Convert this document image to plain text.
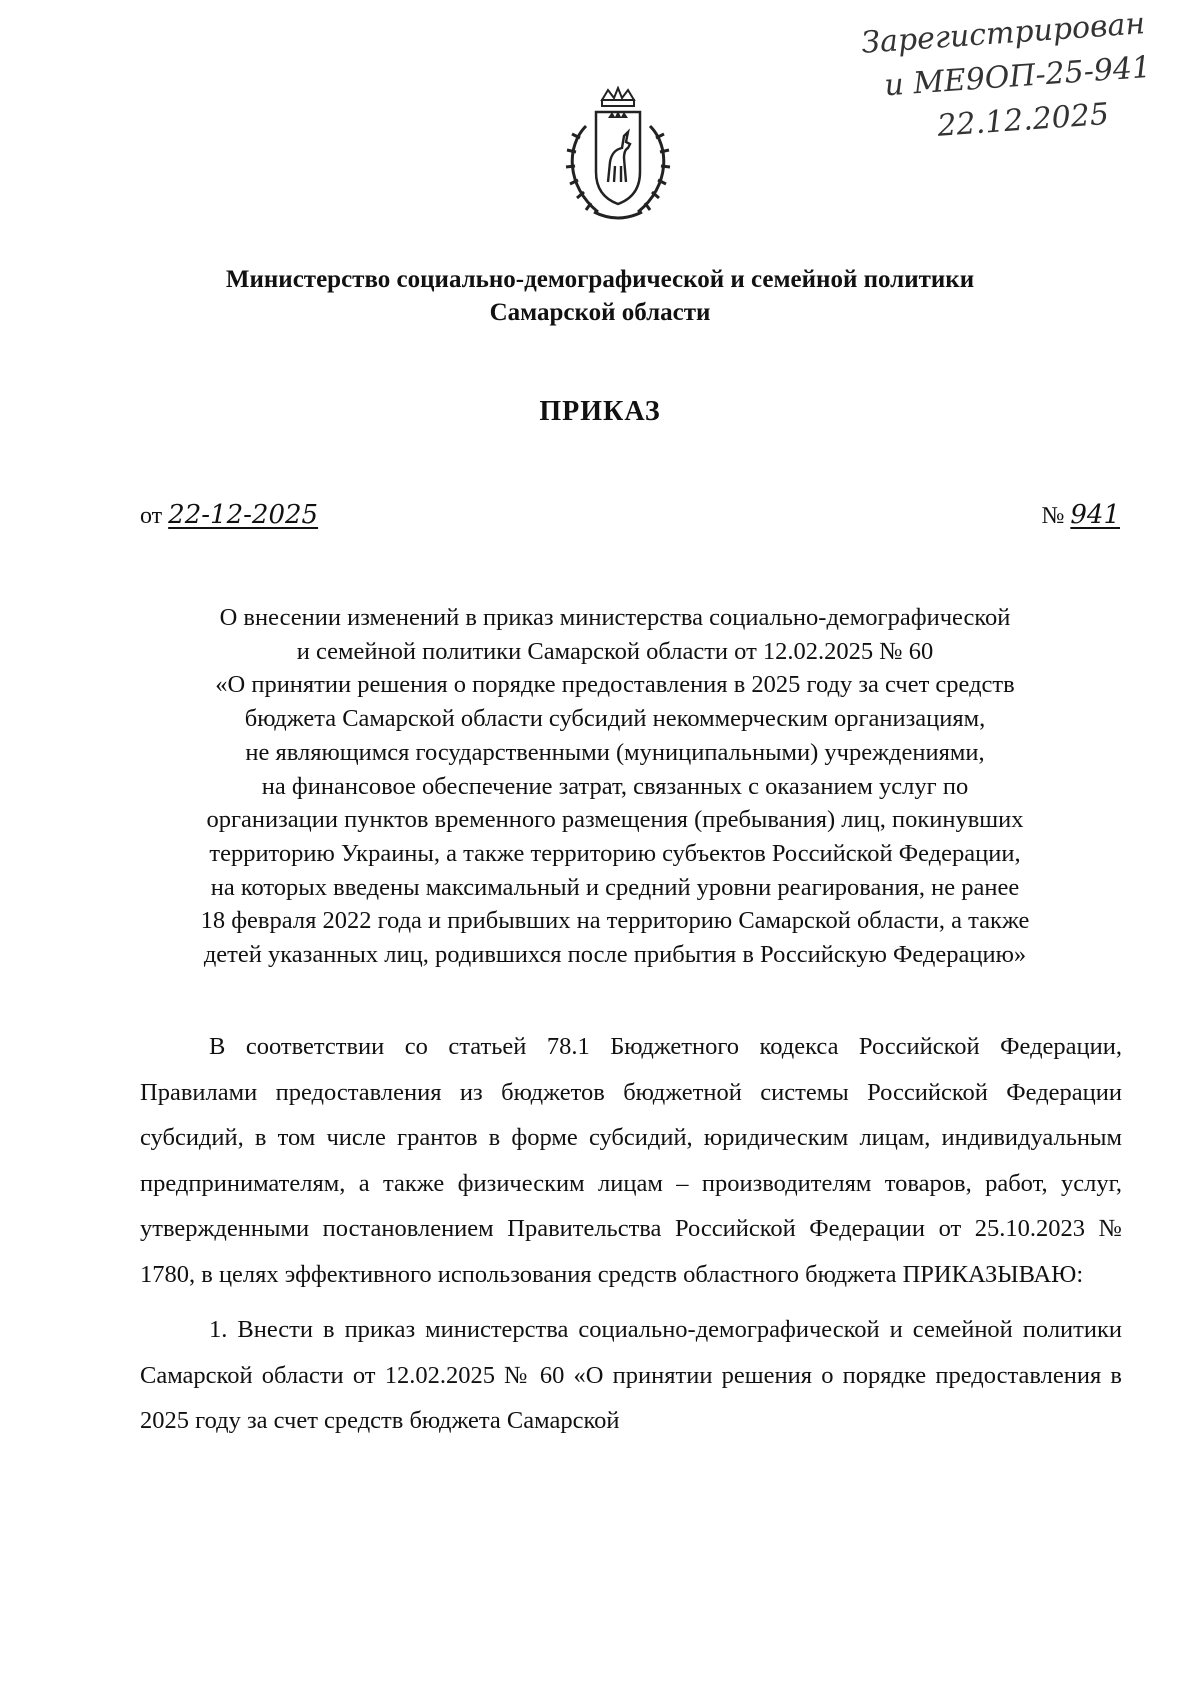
Зарегистрирован
и МЕ9ОП-25-941
22.12.2025
Министерство социально-демографической и семейной политики
Самарской области
ПРИКАЗ
от 22-12-2025	№ 941
О внесении изменений в приказ министерства социально-демографической
и семейной политики Самарской области от 12.02.2025 № 60
«О принятии решения о порядке предоставления в 2025 году за счет средств
бюджета Самарской области субсидий некоммерческим организациям,
не являющимся государственными (муниципальными) учреждениями,
на финансовое обеспечение затрат, связанных с оказанием услуг по
организации пунктов временного размещения (пребывания) лиц, покинувших
территорию Украины, а также территорию субъектов Российской Федерации,
на которых введены максимальный и средний уровни реагирования, не ранее
18 февраля 2022 года и прибывших на территорию Самарской области, а также
детей указанных лиц, родившихся после прибытия в Российскую Федерацию»

В соответствии со статьей 78.1 Бюджетного кодекса Российской Федерации, Правилами предоставления из бюджетов бюджетной системы Российской Федерации субсидий, в том числе грантов в форме субсидий, юридическим лицам, индивидуальным предпринимателям, а также физическим лицам – производителям товаров, работ, услуг, утвержденными постановлением Правительства Российской Федерации от 25.10.2023 № 1780, в целях эффективного использования средств областного бюджета ПРИКАЗЫВАЮ:

1. Внести в приказ министерства социально-демографической и семейной политики Самарской области от 12.02.2025 № 60 «О принятии решения о порядке предоставления в 2025 году за счет средств бюджета Самарской
